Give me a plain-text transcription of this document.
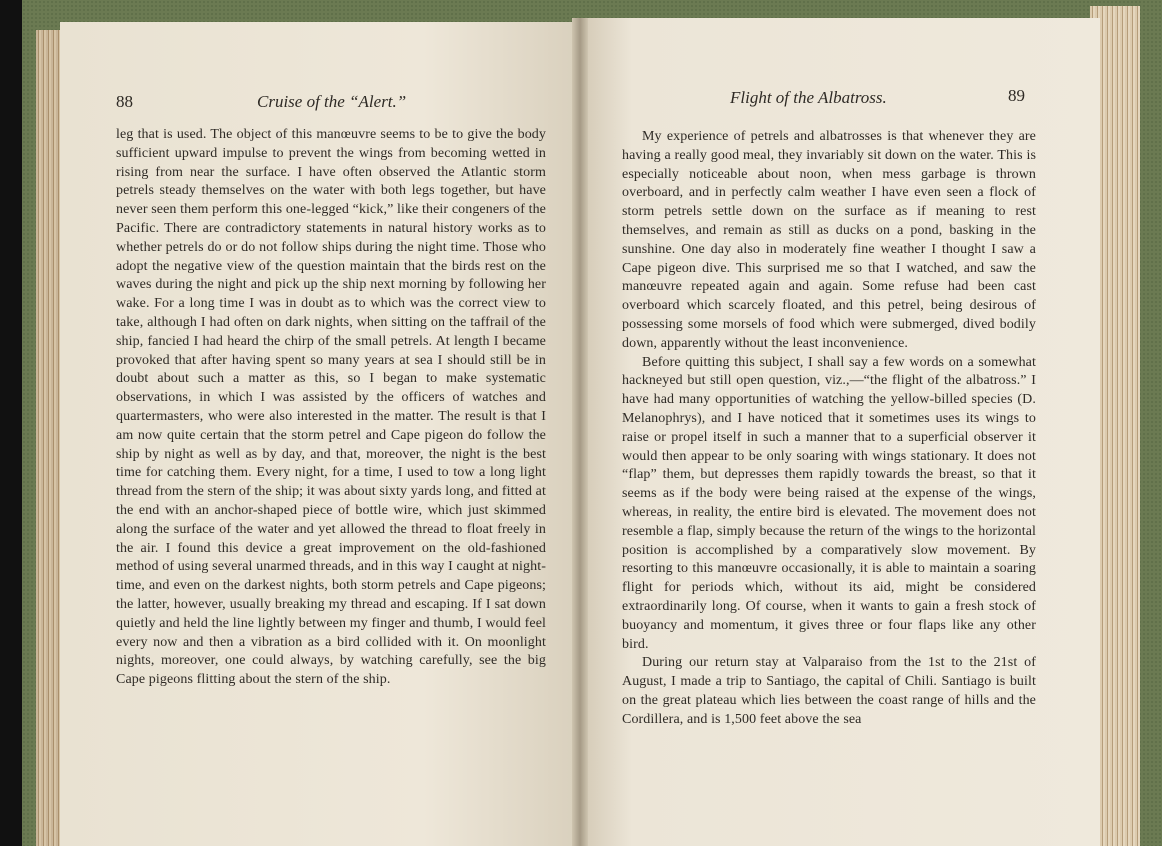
88	Cruise of the “Alert.”

leg that is used. The object of this manœuvre seems to be to give the body sufficient upward impulse to prevent the wings from becoming wetted in rising from near the surface. I have often observed the Atlantic storm petrels steady themselves on the water with both legs together, but have never seen them perform this one-legged “kick,” like their congeners of the Pacific. There are contradictory statements in natural history works as to whether petrels do or do not follow ships during the night time. Those who adopt the negative view of the question maintain that the birds rest on the waves during the night and pick up the ship next morning by following her wake. For a long time I was in doubt as to which was the correct view to take, although I had often on dark nights, when sitting on the taffrail of the ship, fancied I had heard the chirp of the small petrels. At length I became provoked that after having spent so many years at sea I should still be in doubt about such a matter as this, so I began to make systematic observations, in which I was assisted by the officers of watches and quartermasters, who were also interested in the matter. The result is that I am now quite certain that the storm petrel and Cape pigeon do follow the ship by night as well as by day, and that, moreover, the night is the best time for catching them. Every night, for a time, I used to tow a long light thread from the stern of the ship; it was about sixty yards long, and fitted at the end with an anchor-shaped piece of bottle wire, which just skimmed along the surface of the water and yet allowed the thread to float freely in the air. I found this device a great improvement on the old-fashioned method of using several unarmed threads, and in this way I caught at night-time, and even on the darkest nights, both storm petrels and Cape pigeons; the latter, however, usually breaking my thread and escaping. If I sat down quietly and held the line lightly between my finger and thumb, I would feel every now and then a vibration as a bird collided with it. On moonlight nights, moreover, one could always, by watching carefully, see the big Cape pigeons flitting about the stern of the ship.

Flight of the Albatross.	89

My experience of petrels and albatrosses is that whenever they are having a really good meal, they invariably sit down on the water. This is especially noticeable about noon, when mess garbage is thrown overboard, and in perfectly calm weather I have even seen a flock of storm petrels settle down on the surface as if meaning to rest themselves, and remain as still as ducks on a pond, basking in the sunshine. One day also in moderately fine weather I thought I saw a Cape pigeon dive. This surprised me so that I watched, and saw the manœuvre repeated again and again. Some refuse had been cast overboard which scarcely floated, and this petrel, being desirous of possessing some morsels of food which were submerged, dived bodily down, apparently without the least inconvenience.

Before quitting this subject, I shall say a few words on a somewhat hackneyed but still open question, viz.,—“the flight of the albatross.” I have had many opportunities of watching the yellow-billed species (D. Melanophrys), and I have noticed that it sometimes uses its wings to raise or propel itself in such a manner that to a superficial observer it would then appear to be only soaring with wings stationary. It does not “flap” them, but depresses them rapidly towards the breast, so that it seems as if the body were being raised at the expense of the wings, whereas, in reality, the entire bird is elevated. The movement does not resemble a flap, simply because the return of the wings to the horizontal position is accomplished by a comparatively slow movement. By resorting to this manœuvre occasionally, it is able to maintain a soaring flight for periods which, without its aid, might be considered extraordinarily long. Of course, when it wants to gain a fresh stock of buoyancy and momentum, it gives three or four flaps like any other bird.

During our return stay at Valparaiso from the 1st to the 21st of August, I made a trip to Santiago, the capital of Chili. Santiago is built on the great plateau which lies between the coast range of hills and the Cordillera, and is 1,500 feet above the sea
